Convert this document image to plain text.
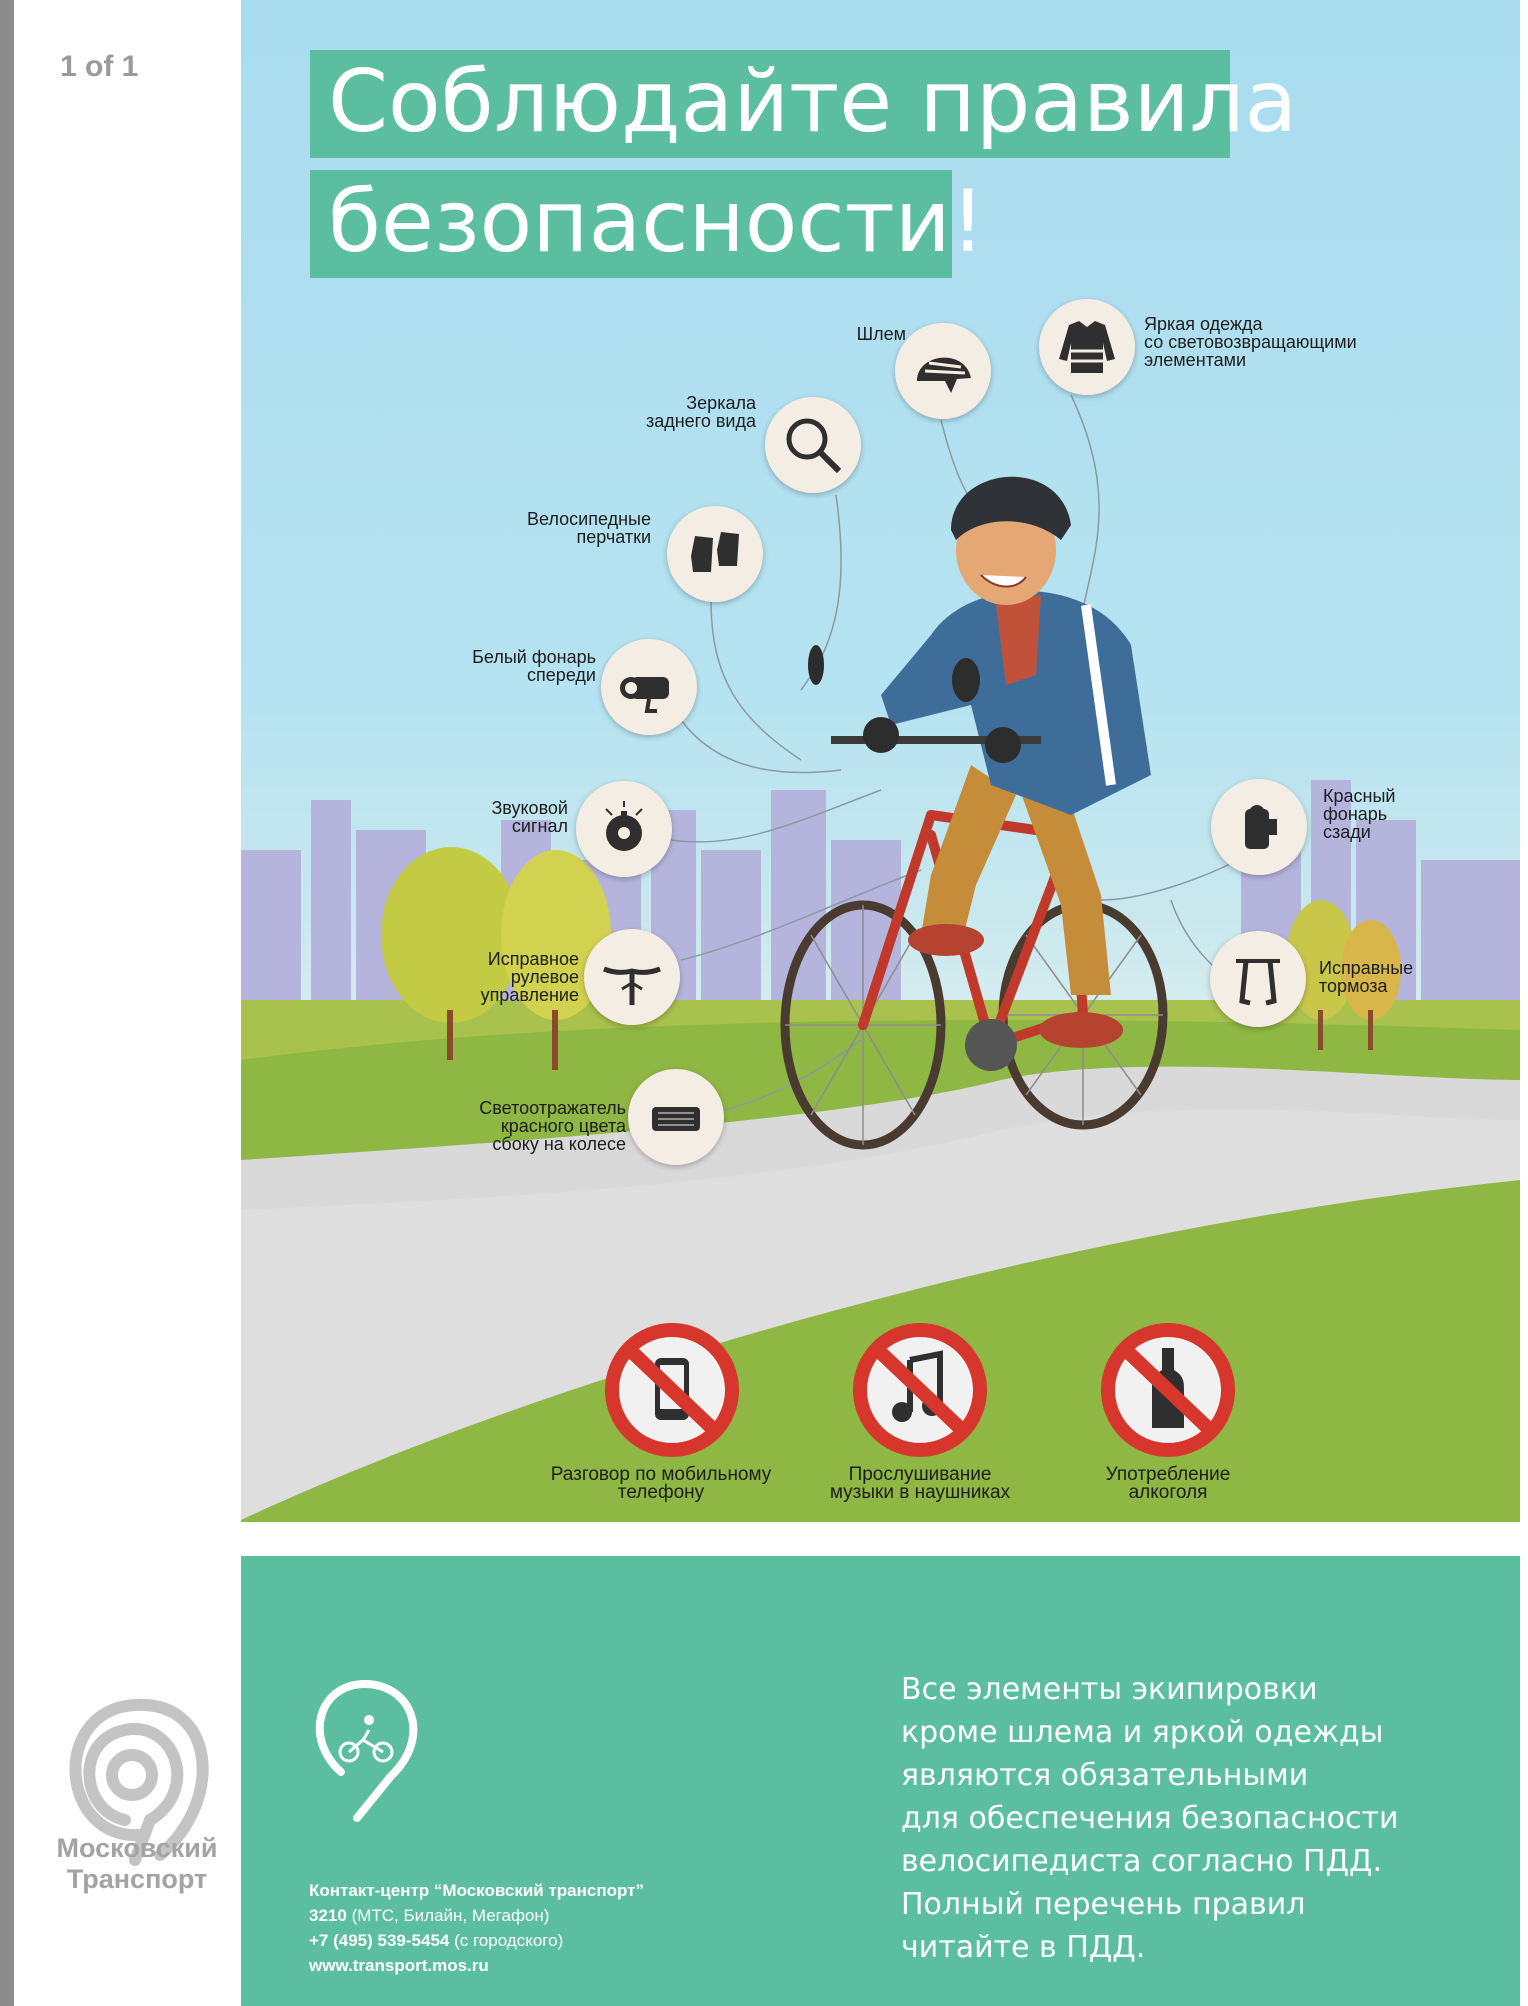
1 of 1 Соблюдайте правила
безопасности!
Шлем
Зеркала
заднего вида
Велосипедные
перчатки
Белый фонарь
спереди
Звуковой
сигнал
Исправное
рулевое
управление
Светоотражатель
красного цвета
сбоку на колесе
Яркая одежда
со световозвращающими
элементами
Красный
фонарь
сзади
Исправные
тормоза
Разговор по мобильному
телефону
Прослушивание
музыки в наушниках
Употребление
алкоголя
Московский
Транспорт	Контакт-центр “Московский транспорт”
3210 (МТС, Билайн, Мегафон)
+7 (495) 539-5454 (с городского)
www.transport.mos.ru
Все элементы экипировки
кроме шлема и яркой одежды
являются обязательными
для обеспечения безопасности
велосипедиста согласно ПДД.
Полный перечень правил
читайте в ПДД.
